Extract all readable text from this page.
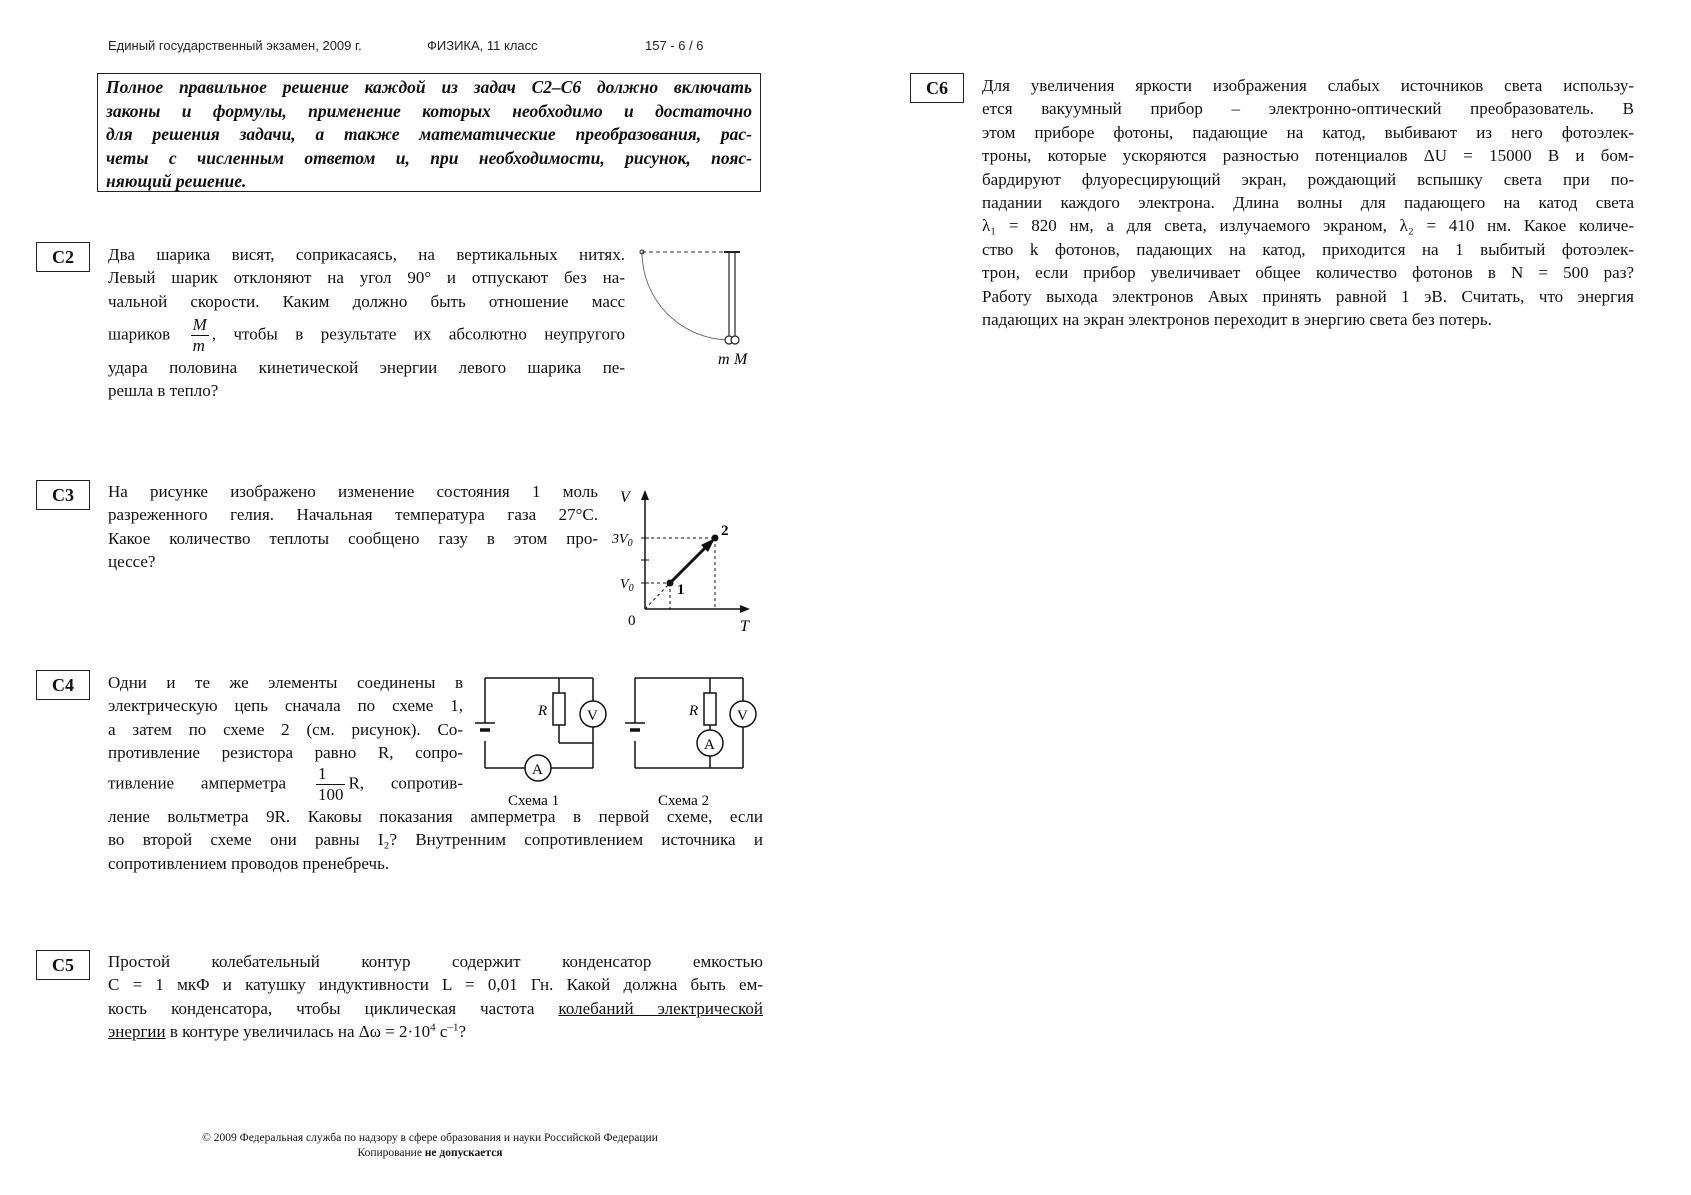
Единый государственный экзамен, 2009 г.	ФИЗИКА, 11 класс	157 - 6 / 6
Полное правильное решение каждой из задач С2–С6 должно включать
законы и формулы, применение которых необходимо и достаточно
для решения задачи, а также математические преобразования, рас-
четы с численным ответом и, при необходимости, рисунок, пояс-
няющий решение.
C2	Два шарика висят, соприкасаясь, на вертикальных нитях.
Левый шарик отклоняют на угол 90° и отпускают без на-
чальной скорости. Каким должно быть отношение масс
шариков $\frac{M}{m}$ , чтобы в результате их абсолютно неупругого
удара половина кинетической энергии левого шарика пе-
решла в тепло?
m M
C3	На рисунке изображено изменение состояния 1 моль
разреженного гелия. Начальная температура газа 27°С.
Какое количество теплоты сообщено газу в этом про-
цессе?
V
T
0
$3V_0$
$V_0$	1
2
C4	Одни и те же элементы соединены в
электрическую цепь сначала по схеме 1,
а затем по схеме 2 (см. рисунок). Со-
противление резистора равно R, сопро-
тивление амперметра $\frac{1}{100} R$, сопротив-
ление вольтметра 9R. Каковы показания амперметра в первой схеме, если
во второй схеме они равны I₂? Внутренним сопротивлением источника и
сопротивлением проводов пренебречь.
R	V
A
Схема 1
R	V
A
Схема 2
C5	Простой колебательный контур содержит конденсатор емкостью
C = 1 мкФ и катушку индуктивности L = 0,01 Гн. Какой должна быть ем-
кость конденсатора, чтобы циклическая частота колебаний электрической
энергии в контуре увеличилась на $\Delta\omega = 2\cdot 10^4$ $с^{-1}$?
C6	Для увеличения яркости изображения слабых источников света использу-
ется вакуумный прибор – электронно-оптический преобразователь. В
этом приборе фотоны, падающие на катод, выбивают из него фотоэлек-
троны, которые ускоряются разностью потенциалов ΔU = 15000 В и бом-
бардируют флуоресцирующий экран, рождающий вспышку света при по-
падании каждого электрона. Длина волны для падающего на катод света
λ₁ = 820 нм, а для света, излучаемого экраном, λ₂ = 410 нм. Какое количе-
ство k фотонов, падающих на катод, приходится на 1 выбитый фотоэлек-
трон, если прибор увеличивает общее количество фотонов в N = 500 раз?
Работу выхода электронов Aвых принять равной 1 эВ. Считать, что энергия
падающих на экран электронов переходит в энергию света без потерь.
© 2009 Федеральная служба по надзору в сфере образования и науки Российской Федерации
Копирование не допускается
